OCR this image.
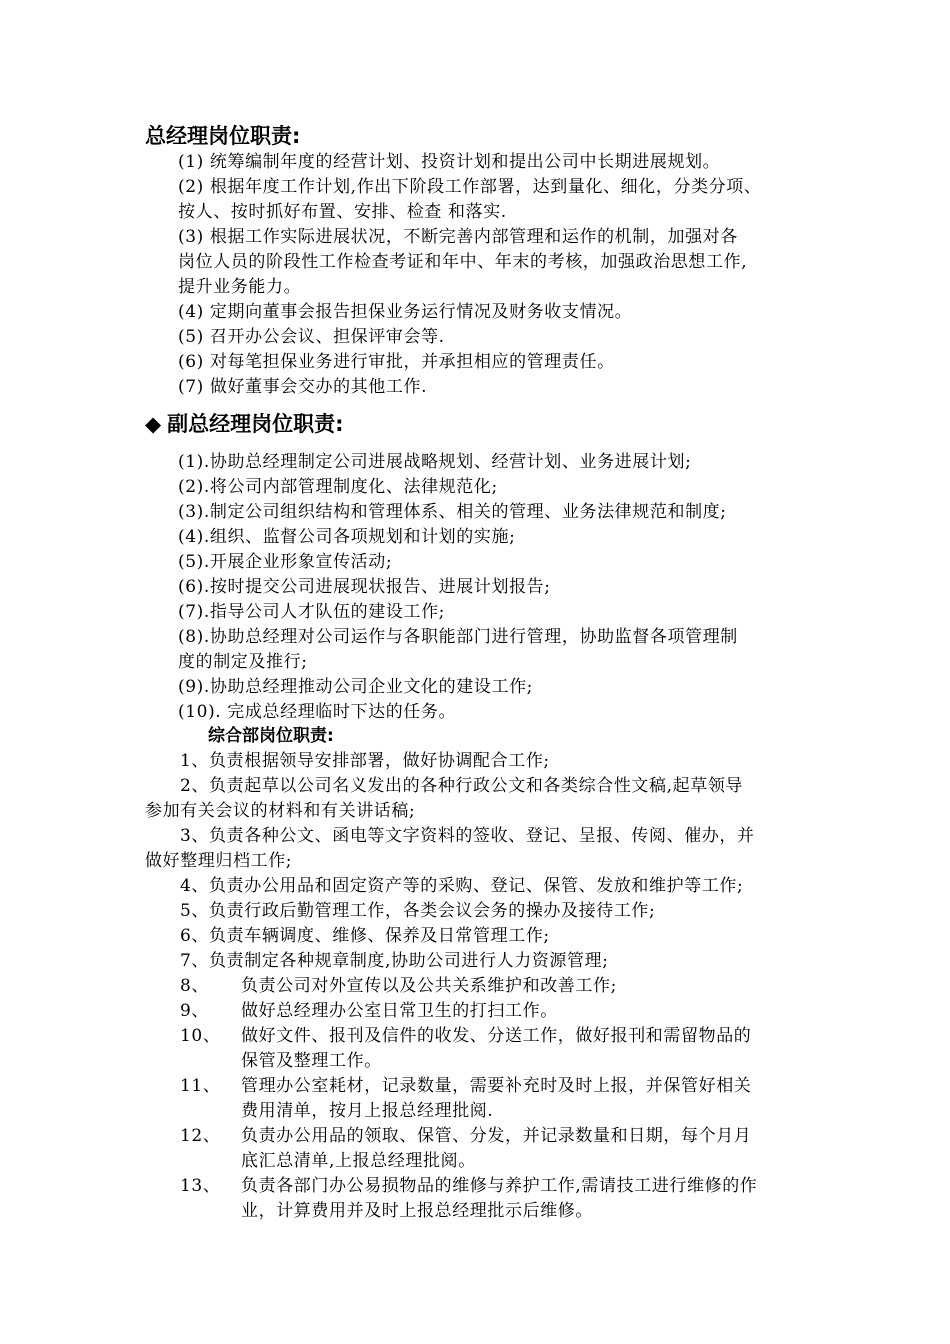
总经理岗位职责:
(1) 统筹编制年度的经营计划、投资计划和提出公司中长期进展规划。
(2) 根据年度工作计划,作出下阶段工作部署，达到量化、细化，分类分项、
按人、按时抓好布置、安排、检查 和落实.
(3) 根据工作实际进展状况，不断完善内部管理和运作的机制，加强对各
岗位人员的阶段性工作检查考证和年中、年末的考核，加强政治思想工作,
提升业务能力。
(4) 定期向董事会报告担保业务运行情况及财务收支情况。
(5) 召开办公会议、担保评审会等.
(6) 对每笔担保业务进行审批，并承担相应的管理责任。
(7) 做好董事会交办的其他工作.
◆ 副总经理岗位职责:
(1).协助总经理制定公司进展战略规划、经营计划、业务进展计划;
(2).将公司内部管理制度化、法律规范化;
(3).制定公司组织结构和管理体系、相关的管理、业务法律规范和制度;
(4).组织、监督公司各项规划和计划的实施;
(5).开展企业形象宣传活动;
(6).按时提交公司进展现状报告、进展计划报告;
(7).指导公司人才队伍的建设工作;
(8).协助总经理对公司运作与各职能部门进行管理，协助监督各项管理制
度的制定及推行;
(9).协助总经理推动公司企业文化的建设工作;
(10). 完成总经理临时下达的任务。
综合部岗位职责:
1、负责根据领导安排部署，做好协调配合工作;
2、负责起草以公司名义发出的各种行政公文和各类综合性文稿,起草领导
参加有关会议的材料和有关讲话稿;
3、负责各种公文、函电等文字资料的签收、登记、呈报、传阅、催办，并
做好整理归档工作;
4、负责办公用品和固定资产等的采购、登记、保管、发放和维护等工作;
5、负责行政后勤管理工作，各类会议会务的操办及接待工作;
6、负责车辆调度、维修、保养及日常管理工作;
7、负责制定各种规章制度,协助公司进行人力资源管理;
8、 负责公司对外宣传以及公共关系维护和改善工作;
9、 做好总经理办公室日常卫生的打扫工作。
10、 做好文件、报刊及信件的收发、分送工作，做好报刊和需留物品的
保管及整理工作。
11、 管理办公室耗材，记录数量，需要补充时及时上报，并保管好相关
费用清单，按月上报总经理批阅.
12、 负责办公用品的领取、保管、分发，并记录数量和日期，每个月月
底汇总清单,上报总经理批阅。
13、 负责各部门办公易损物品的维修与养护工作,需请技工进行维修的作
业，计算费用并及时上报总经理批示后维修。
